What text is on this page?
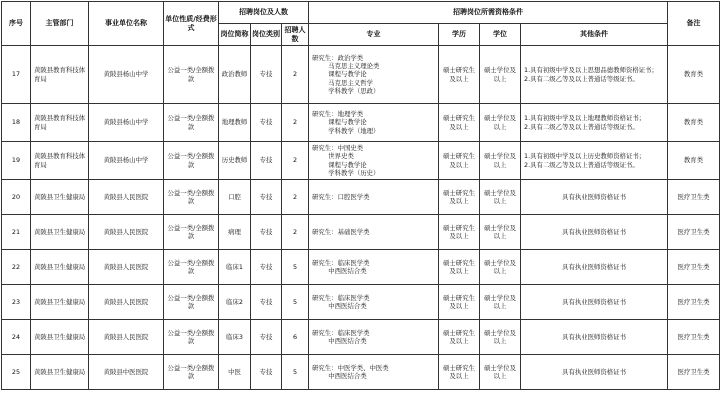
序号	主管部门	事业单位名称	单位性质/经费形式	招聘岗位及人数			招聘岗位所需资格条件				备注
				岗位简称	岗位类别	招聘人数	专业	学历	学位	其他条件	
17	黄陂县教育科技体育局	黄陂县杨山中学	公益一类/全额拨款	政治教师	专技	2	研究生：政治学类
马克思主义理论类
课程与教学论
马克思主义哲学
学科教学（思政）	硕士研究生及以上	硕士学位及以上	1.具有初级中学及以上思想品德教师资格证书；
2.具有二级乙等及以上普通话等级证书。	教育类
18	黄陂县教育科技体育局	黄陂县杨山中学	公益一类/全额拨款	地理教师	专技	2	研究生：地理学类
课程与教学论
学科教学（地理）	硕士研究生及以上	硕士学位及以上	1.具有初级中学及以上地理教师资格证书；
2.具有二级乙等及以上普通话等级证书。	教育类
19	黄陂县教育科技体育局	黄陂县杨山中学	公益一类/全额拨款	历史教师	专技	2	研究生：中国史类
世界史类
课程与教学论
学科教学（历史）	硕士研究生及以上	硕士学位及以上	1.具有初级中学及以上历史教师资格证书；
2.具有二级乙等及以上普通话等级证书。	教育类
20	黄陂县卫生健康局	黄陂县人民医院	公益一类/全额拨款	口腔	专技	2	研究生：口腔医学类	硕士研究生及以上	硕士学位及以上	具有执业医师资格证书	医疗卫生类
21	黄陂县卫生健康局	黄陂县人民医院	公益一类/全额拨款	病理	专技	2	研究生：基础医学类	硕士研究生及以上	硕士学位及以上	具有执业医师资格证书	医疗卫生类
22	黄陂县卫生健康局	黄陂县人民医院	公益一类/全额拨款	临床1	专技	5	研究生：临床医学类
中西医结合类	硕士研究生及以上	硕士学位及以上	具有执业医师资格证书	医疗卫生类
23	黄陂县卫生健康局	黄陂县人民医院	公益一类/全额拨款	临床2	专技	5	研究生：临床医学类
中西医结合类	硕士研究生及以上	硕士学位及以上	具有执业医师资格证书	医疗卫生类
24	黄陂县卫生健康局	黄陂县人民医院	公益一类/全额拨款	临床3	专技	6	研究生：临床医学类
中西医结合类	硕士研究生及以上	硕士学位及以上	具有执业医师资格证书	医疗卫生类
25	黄陂县卫生健康局	黄陂县中医医院	公益一类/全额拨款	中医	专技	5	研究生：中医学类、中医类
中西医结合类	硕士研究生及以上	硕士学位及以上	具有执业医师资格证书	医疗卫生类
